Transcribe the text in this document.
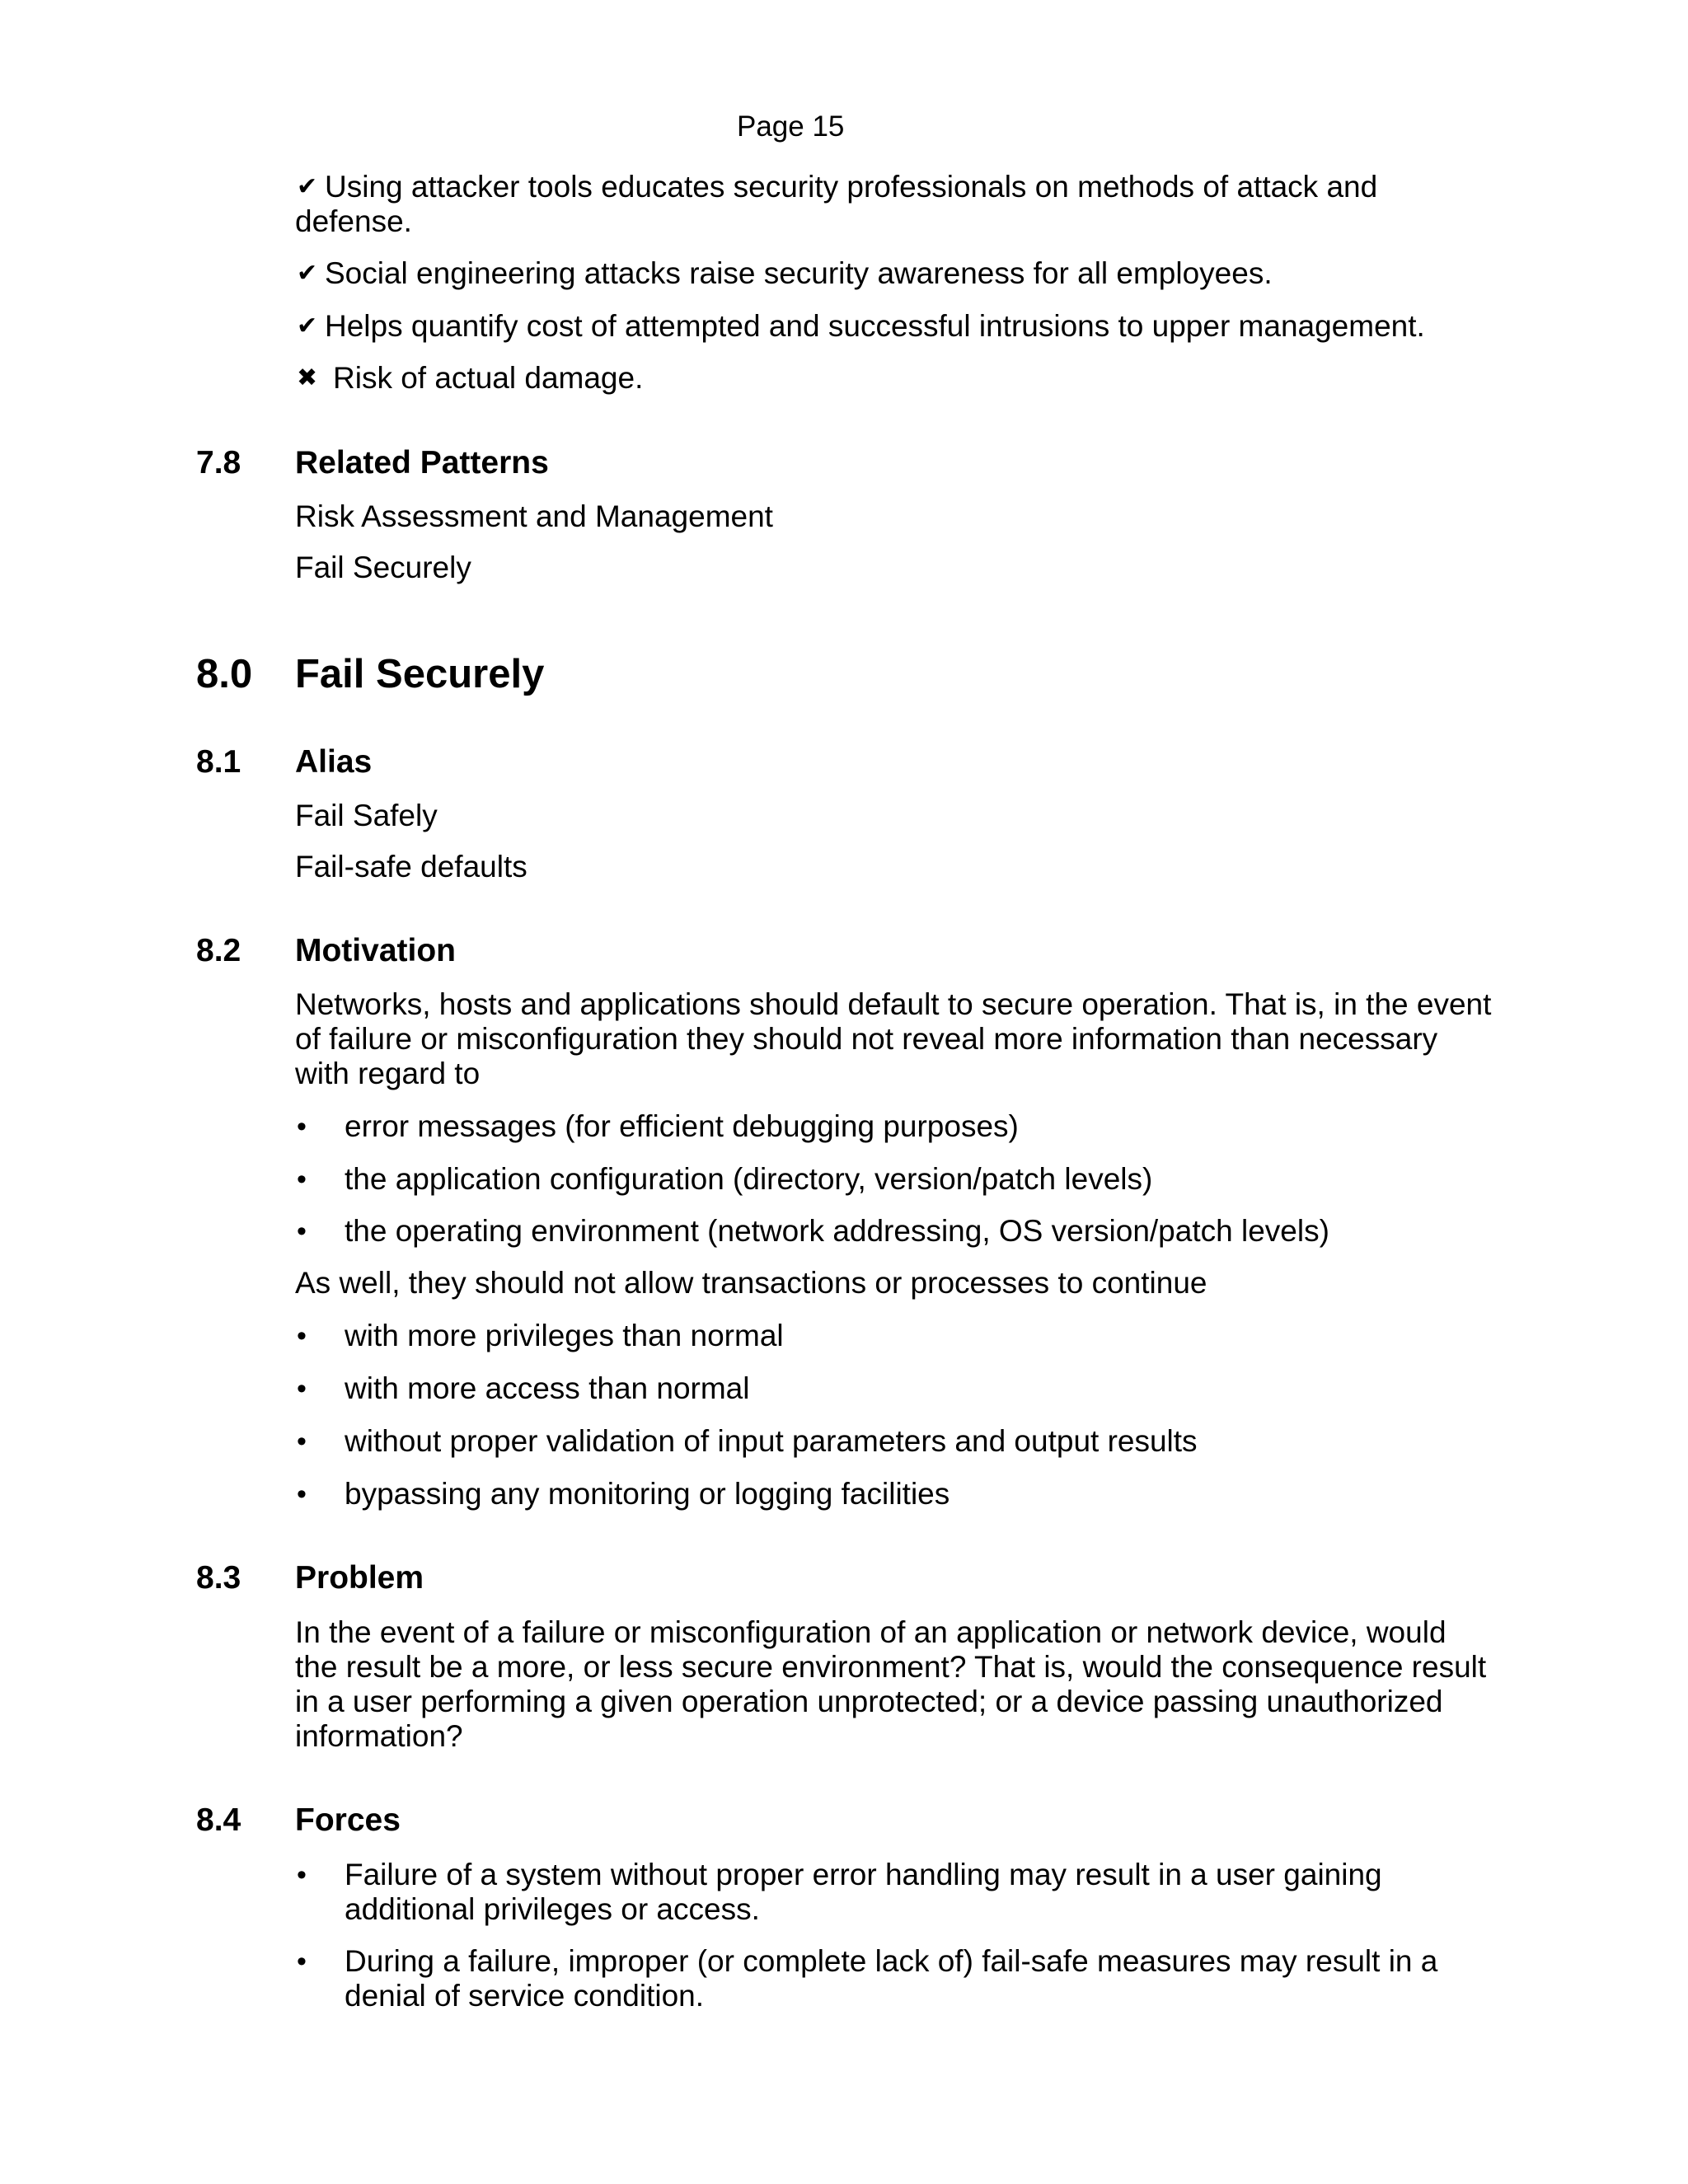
Page 15
✔ Using attacker tools educates security professionals on methods of attack and
defense.
✔ Social engineering attacks raise security awareness for all employees.
✔ Helps quantify cost of attempted and successful intrusions to upper management.
✖ Risk of actual damage.
7.8 Related Patterns
Risk Assessment and Management
Fail Securely
8.0 Fail Securely
8.1 Alias
Fail Safely
Fail-safe defaults
8.2 Motivation
Networks, hosts and applications should default to secure operation. That is, in the event
of failure or misconfiguration they should not reveal more information than necessary
with regard to
• error messages (for efficient debugging purposes)
• the application configuration (directory, version/patch levels)
• the operating environment (network addressing, OS version/patch levels)
As well, they should not allow transactions or processes to continue
• with more privileges than normal
• with more access than normal
• without proper validation of input parameters and output results
• bypassing any monitoring or logging facilities
8.3 Problem
In the event of a failure or misconfiguration of an application or network device, would
the result be a more, or less secure environment? That is, would the consequence result
in a user performing a given operation unprotected; or a device passing unauthorized
information?
8.4 Forces
• Failure of a system without proper error handling may result in a user gaining
additional privileges or access.
• During a failure, improper (or complete lack of) fail-safe measures may result in a
denial of service condition.
